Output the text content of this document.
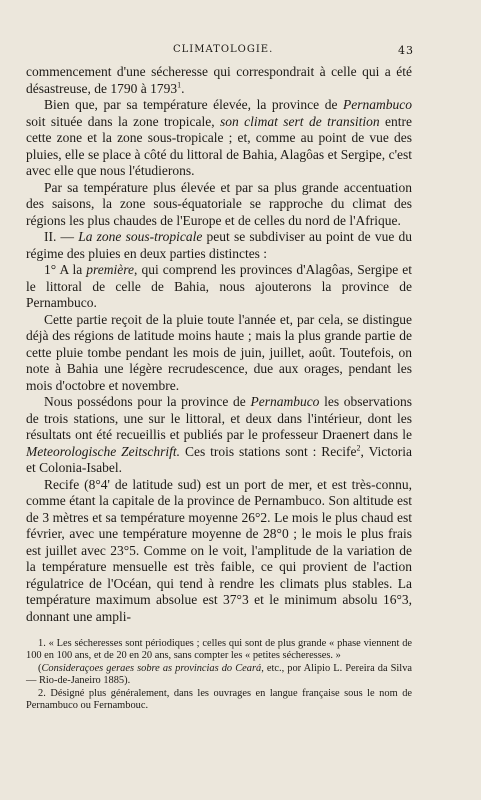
CLIMATOLOGIE.	43

commencement d'une sécheresse qui correspondrait à celle qui a été désastreuse, de 1790 à 1793$^1$.

Bien que, par sa température élevée, la province de Pernambuco soit située dans la zone tropicale, son climat sert de transition entre cette zone et la zone sous-tropicale ; et, comme au point de vue des pluies, elle se place à côté du littoral de Bahia, Alagôas et Sergipe, c'est avec elle que nous l'étudierons.

Par sa température plus élevée et par sa plus grande accentuation des saisons, la zone sous-équatoriale se rapproche du climat des régions les plus chaudes de l'Europe et de celles du nord de l'Afrique.

II. — La zone sous-tropicale peut se subdiviser au point de vue du régime des pluies en deux parties distinctes :

1° A la première, qui comprend les provinces d'Alagôas, Sergipe et le littoral de celle de Bahia, nous ajouterons la province de Pernambuco.

Cette partie reçoit de la pluie toute l'année et, par cela, se distingue déjà des régions de latitude moins haute ; mais la plus grande partie de cette pluie tombe pendant les mois de juin, juillet, août. Toutefois, on note à Bahia une légère recrudescence, due aux orages, pendant les mois d'octobre et novembre.

Nous possédons pour la province de Pernambuco les observations de trois stations, une sur le littoral, et deux dans l'intérieur, dont les résultats ont été recueillis et publiés par le professeur Draenert dans le Meteorologische Zeitschrift. Ces trois stations sont : Recife$^2$, Victoria et Colonia-Isabel.

Recife (8°4' de latitude sud) est un port de mer, et est très-connu, comme étant la capitale de la province de Pernambuco. Son altitude est de 3 mètres et sa température moyenne 26°2. Le mois le plus chaud est février, avec une température moyenne de 28°0 ; le mois le plus frais est juillet avec 23°5. Comme on le voit, l'amplitude de la variation de la température mensuelle est très faible, ce qui provient de l'action régulatrice de l'Océan, qui tend à rendre les climats plus stables. La température maximum absolue est 37°3 et le minimum absolu 16°3, donnant une ampli-

1. « Les sécheresses sont périodiques ; celles qui sont de plus grande « phase viennent de 100 en 100 ans, et de 20 en 20 ans, sans compter les « petites sécheresses. »

(Consideraçoes geraes sobre as provincias do Ceará, etc., por Alipio L. Pereira da Silva — Rio-de-Janeiro 1885).

2. Désigné plus généralement, dans les ouvrages en langue française sous le nom de Pernambuco ou Fernambouc.
